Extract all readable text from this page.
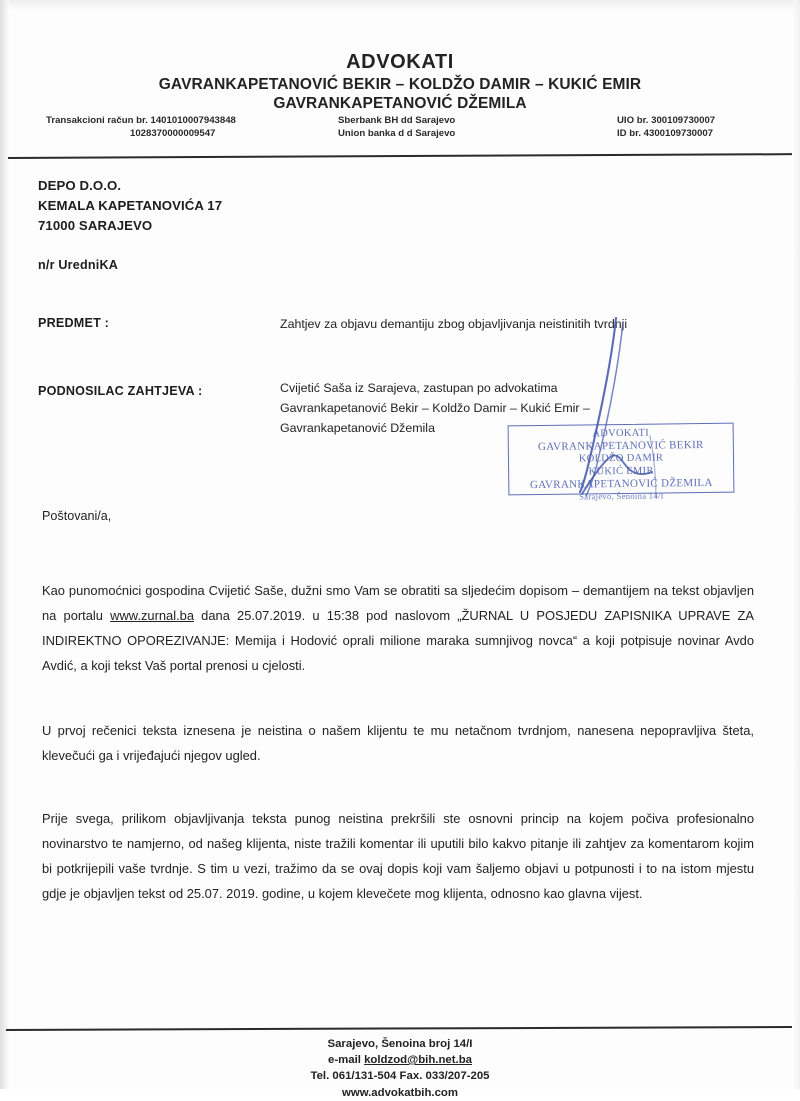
ADVOKATI
GAVRANKAPETANOVIĆ BEKIR – KOLDŽO DAMIR – KUKIĆ EMIR
GAVRANKAPETANOVIĆ DŽEMILA
Transakcioni račun br. 1401010007943848
1028370000009547
Sberbank BH dd Sarajevo
Union banka d d Sarajevo
UIO br. 300109730007
ID br. 4300109730007
DEPO D.O.O.
KEMALA KAPETANOVIĆA 17
71000 SARAJEVO
n/r UredniKA
PREDMET :	Zahtjev za objavu demantiju zbog objavljivanja neistinitih tvrdnji
PODNOSILAC ZAHTJEVA :	Cvijetić Saša iz Sarajeva, zastupan po advokatima
Gavrankapetanović Bekir – Koldžo Damir – Kukić Emir –
Gavrankapetanović Džemila	ADVOKATI
GAVRANKAPETANOVIĆ BEKIR
KOLDŽO DAMIR
KUKIĆ EMIR
GAVRANKAPETANOVIĆ DŽEMILA
Sarajevo, Šenoina 14/I
Poštovani/a,

Kao punomoćnici gospodina Cvijetić Saše, dužni smo Vam se obratiti sa sljedećim dopisom – demantijem na tekst objavljen na portalu www.zurnal.ba dana 25.07.2019. u 15:38 pod naslovom „ŽURNAL U POSJEDU ZAPISNIKA UPRAVE ZA INDIREKTNO OPOREZIVANJE: Memija i Hodović oprali milione maraka sumnjivog novca“ a koji potpisuje novinar Avdo Avdić, a koji tekst Vaš portal prenosi u cjelosti.

U prvoj rečenici teksta iznesena je neistina o našem klijentu te mu netačnom tvrdnjom, nanesena nepopravljiva šteta, klevečući ga i vrijeđajući njegov ugled.

Prije svega, prilikom objavljivanja teksta punog neistina prekršili ste osnovni princip na kojem počiva profesionalno novinarstvo te namjerno, od našeg klijenta, niste tražili komentar ili uputili bilo kakvo pitanje ili zahtjev za komentarom kojim bi potkrijepili vaše tvrdnje. S tim u vezi, tražimo da se ovaj dopis koji vam šaljemo objavi u potpunosti i to na istom mjestu gdje je objavljen tekst od 25.07. 2019. godine, u kojem klevečete mog klijenta, odnosno kao glavna vijest.

Sarajevo, Šenoina broj 14/I
e-mail koldzod@bih.net.ba
Tel. 061/131-504 Fax. 033/207-205
www.advokatbih.com
